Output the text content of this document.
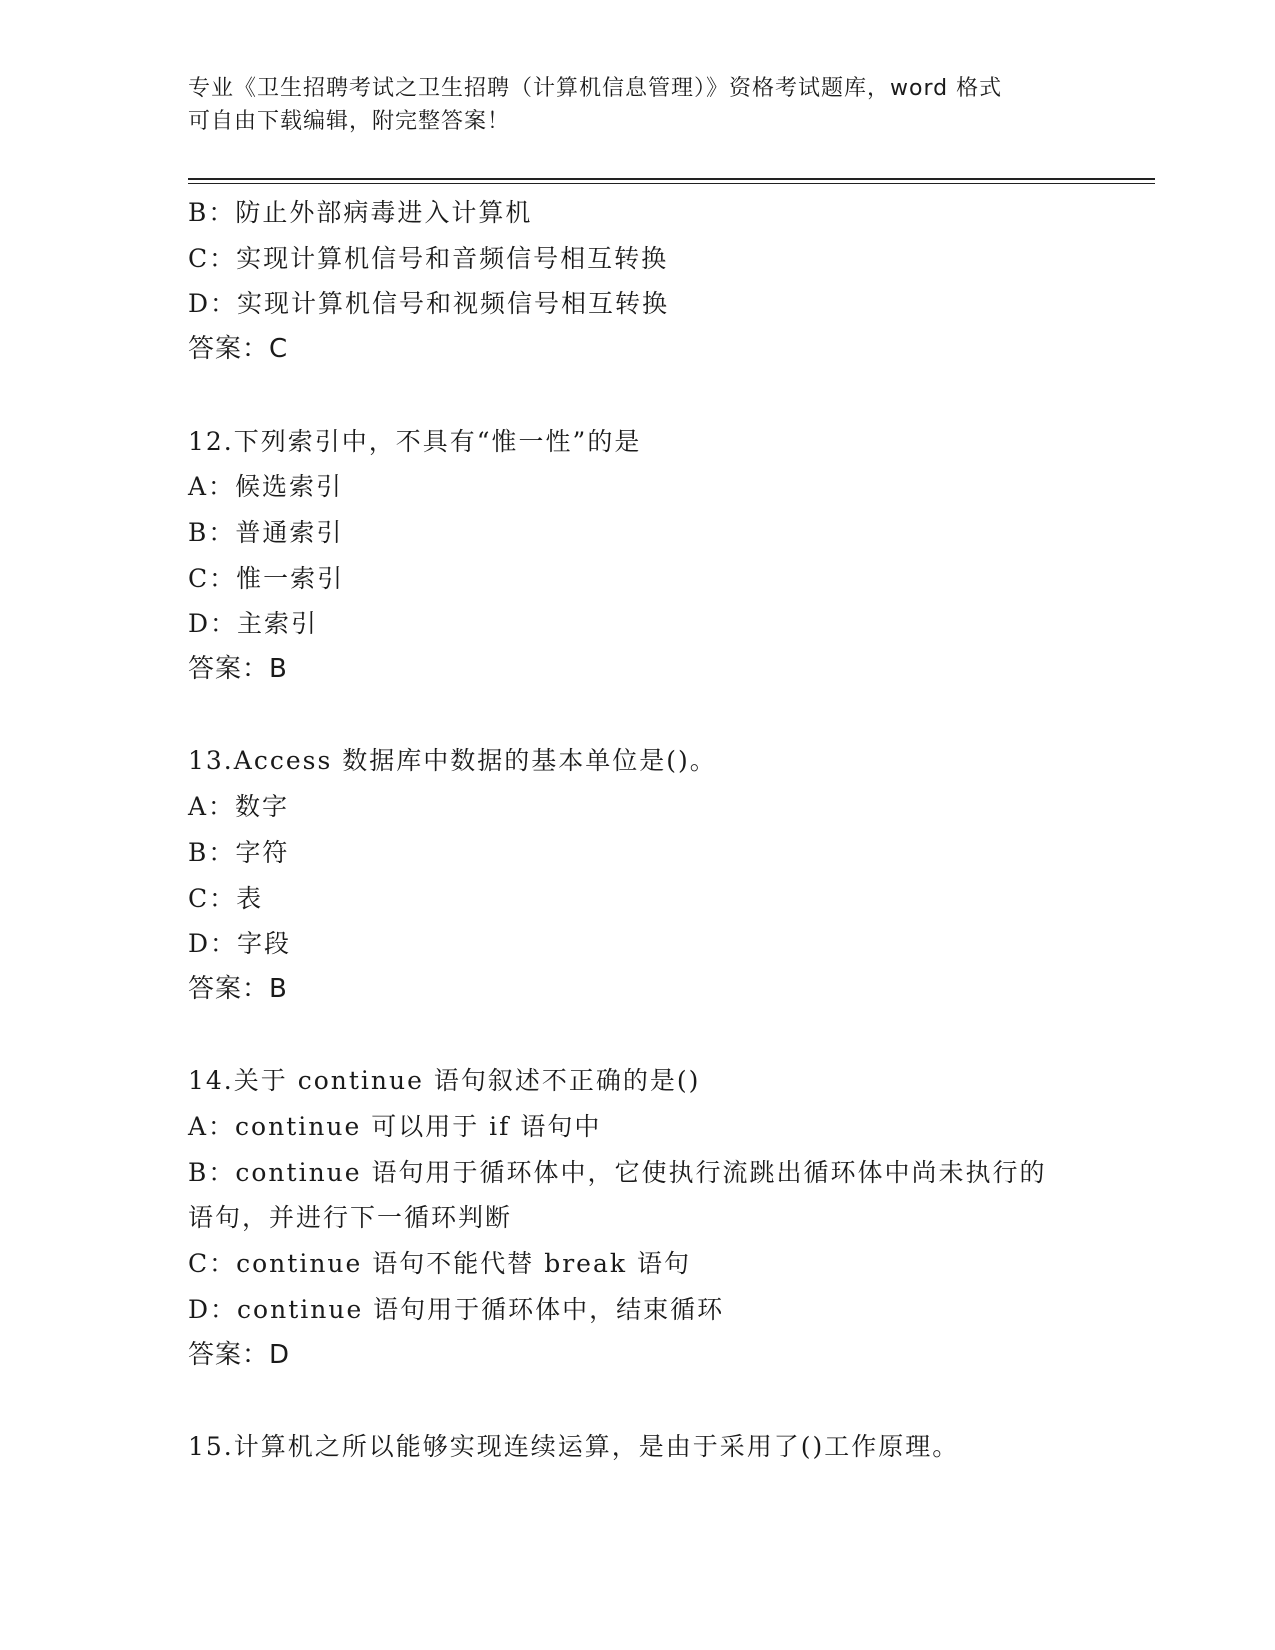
专业《卫生招聘考试之卫生招聘（计算机信息管理）》资格考试题库，word 格式
可自由下载编辑，附完整答案！
B：防止外部病毒进入计算机
C：实现计算机信号和音频信号相互转换
D：实现计算机信号和视频信号相互转换
答案：C
12.下列索引中，不具有“惟一性”的是
A：候选索引
B：普通索引
C：惟一索引
D：主索引
答案：B
13.Access 数据库中数据的基本单位是()。
A：数字
B：字符
C：表
D：字段
答案：B
14.关于 continue 语句叙述不正确的是()
A：continue 可以用于 if 语句中
B：continue 语句用于循环体中，它使执行流跳出循环体中尚未执行的语句，并进行下一循环判断
C：continue 语句不能代替 break 语句
D：continue 语句用于循环体中，结束循环
答案：D
15.计算机之所以能够实现连续运算，是由于采用了()工作原理。
